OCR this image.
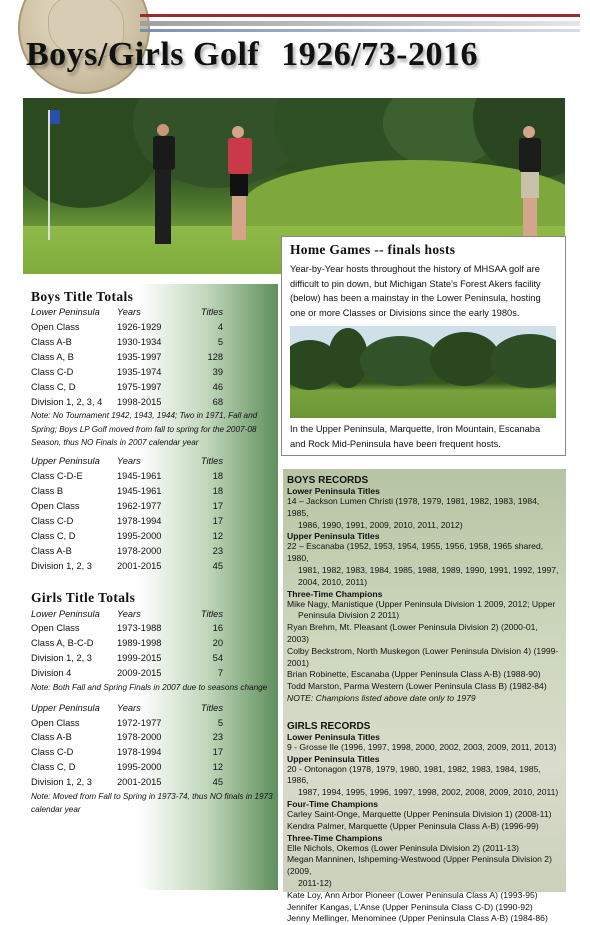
Boys/Girls Golf 1926/73-2016
Home Games -- finals hosts

Year-by-Year hosts throughout the history of MHSAA golf are difficult to pin down, but Michigan State's Forest Akers facility (below) has been a mainstay in the Lower Peninsula, hosting one or more Classes or Divisions since the early 1980s.

In the Upper Peninsula, Marquette, Iron Mountain, Escanaba and Rock Mid-Peninsula have been frequent hosts.

Boys Title Totals
Lower Peninsula	Years	Titles
Open Class	1926-1929	4
Class A-B	1930-1934	5
Class A, B	1935-1997	128
Class C-D	1935-1974	39
Class C, D	1975-1997	46
Division 1, 2, 3, 4	1998-2015	68

Note: No Tournament 1942, 1943, 1944; Two in 1971, Fall and Spring; Boys LP Golf moved from fall to spring for the 2007-08 Season, thus NO Finals in 2007 calendar year

Upper Peninsula	Years	Titles
Class C-D-E	1945-1961	18
Class B	1945-1961	18
Open Class	1962-1977	17
Class C-D	1978-1994	17
Class C, D	1995-2000	12
Class A-B	1978-2000	23
Division 1, 2, 3	2001-2015	45
Girls Title Totals
Lower Peninsula	Years	Titles
Open Class	1973-1988	16
Class A, B-C-D	1989-1998	20
Division 1, 2, 3	1999-2015	54
Division 4	2009-2015	7

Note: Both Fall and Spring Finals in 2007 due to seasons change

Upper Peninsula	Years	Titles
Open Class	1972-1977	5
Class A-B	1978-2000	23
Class C-D	1978-1994	17
Class C, D	1995-2000	12
Division 1, 2, 3	2001-2015	45

Note: Moved from Fall to Spring in 1973-74, thus NO finals in 1973 calendar year

BOYS RECORDS

Lower Peninsula Titles

14 – Jackson Lumen Christi (1978, 1979, 1981, 1982, 1983, 1984, 1985,
1986, 1990, 1991, 2009, 2010, 2011, 2012)

Upper Peninsula Titles

22 – Escanaba (1952, 1953, 1954, 1955, 1956, 1958, 1965 shared, 1980,
1981, 1982, 1983, 1984, 1985, 1988, 1989, 1990, 1991, 1992, 1997,
2004, 2010, 2011)

Three-Time Champions

Mike Nagy, Manistique (Upper Peninsula Division 1 2009, 2012; Upper
Peninsula Division 2 2011)

Ryan Brehm, Mt. Pleasant (Lower Peninsula Division 2) (2000-01, 2003)

Colby Beckstrom, North Muskegon (Lower Peninsula Division 4) (1999-2001)

Brian Robinette, Escanaba (Upper Peninsula Class A-B) (1988-90)

Todd Marston, Parma Western (Lower Peninsula Class B) (1982-84)

NOTE: Champions listed above date only to 1979

GIRLS RECORDS

Lower Peninsula Titles

9 - Grosse Ile (1996, 1997, 1998, 2000, 2002, 2003, 2009, 2011, 2013)

Upper Peninsula Titles

20 - Ontonagon (1978, 1979, 1980, 1981, 1982, 1983, 1984, 1985, 1986,
1987, 1994, 1995, 1996, 1997, 1998, 2002, 2008, 2009, 2010, 2011)

Four-Time Champions

Carley Saint-Onge, Marquette (Upper Peninsula Division 1) (2008-11)

Kendra Palmer, Marquette (Upper Peninsula Class A-B) (1996-99)

Three-Time Champions

Elle Nichols, Okemos (Lower Peninsula Division 2) (2011-13)

Megan Manninen, Ishpeming-Westwood (Upper Peninsula Division 2) (2009,
2011-12)

Kate Loy, Ann Arbor Pioneer (Lower Peninsula Class A) (1993-95)

Jennifer Kangas, L'Anse (Upper Peninsula Class C-D) (1990-92)

Jenny Mellinger, Menominee (Upper Peninsula Class A-B) (1984-86)
